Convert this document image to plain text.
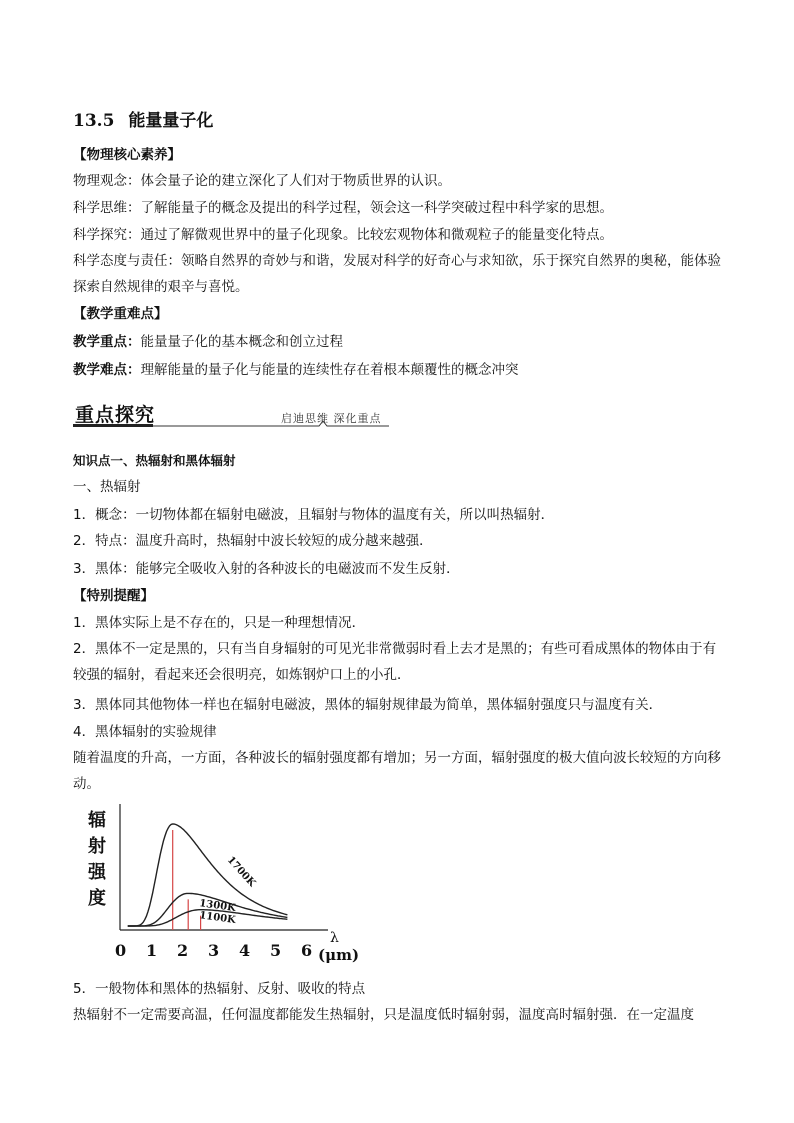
13.5 能量量子化
【物理核心素养】
物理观念：体会量子论的建立深化了人们对于物质世界的认识。
科学思维：了解能量子的概念及提出的科学过程，领会这一科学突破过程中科学家的思想。
科学探究：通过了解微观世界中的量子化现象。比较宏观物体和微观粒子的能量变化特点。
科学态度与责任：领略自然界的奇妙与和谐，发展对科学的好奇心与求知欲，乐于探究自然界的奥秘，能体验探索自然规律的艰辛与喜悦。
【教学重难点】
教学重点：能量量子化的基本概念和创立过程
教学难点：理解能量的量子化与能量的连续性存在着根本颠覆性的概念冲突
重点探究	启迪思维 深化重点
知识点一、热辐射和黑体辐射
一、热辐射
1．概念：一切物体都在辐射电磁波，且辐射与物体的温度有关，所以叫热辐射．
2．特点：温度升高时，热辐射中波长较短的成分越来越强．
3．黑体：能够完全吸收入射的各种波长的电磁波而不发生反射．
【特别提醒】
1．黑体实际上是不存在的，只是一种理想情况．
2．黑体不一定是黑的，只有当自身辐射的可见光非常微弱时看上去才是黑的；有些可看成黑体的物体由于有较强的辐射，看起来还会很明亮，如炼钢炉口上的小孔．
3．黑体同其他物体一样也在辐射电磁波，黑体的辐射规律最为简单，黑体辐射强度只与温度有关．
4．黑体辐射的实验规律
随着温度的升高，一方面，各种波长的辐射强度都有增加；另一方面，辐射强度的极大值向波长较短的方向移动。
辐
射
强
度
0 1 2 3 4 5 6
λ
(μm)
1700K
1300K
1100K
5．一般物体和黑体的热辐射、反射、吸收的特点
热辐射不一定需要高温，任何温度都能发生热辐射，只是温度低时辐射弱，温度高时辐射强．在一定温度
